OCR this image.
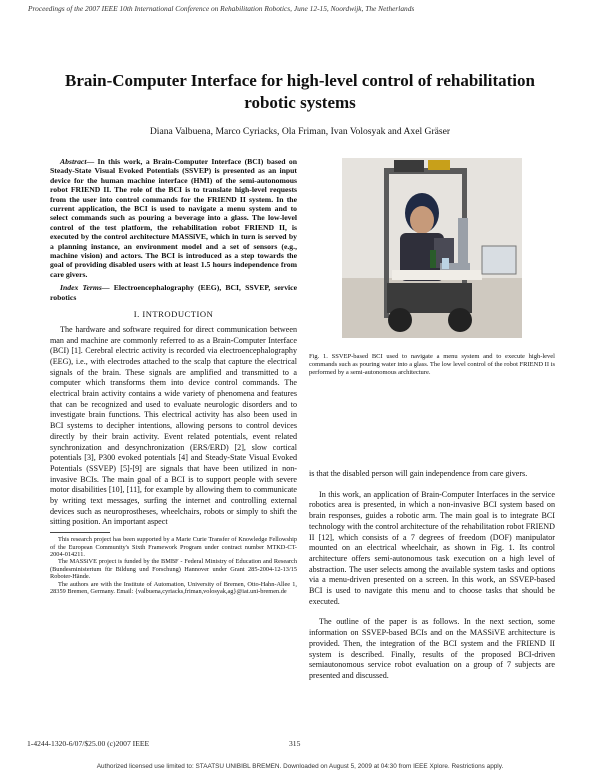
Proceedings of the 2007 IEEE 10th International Conference on Rehabilitation Robotics, June 12-15, Noordwijk, The Netherlands
Brain-Computer Interface for high-level control of rehabilitation
robotic systems
Diana Valbuena, Marco Cyriacks, Ola Friman, Ivan Volosyak and Axel Gräser

Abstract— In this work, a Brain-Computer Interface (BCI) based on Steady-State Visual Evoked Potentials (SSVEP) is presented as an input device for the human machine interface (HMI) of the semi-autonomous robot FRIEND II. The role of the BCI is to translate high-level requests from the user into control commands for the FRIEND II system. In the current application, the BCI is used to navigate a menu system and to select commands such as pouring a beverage into a glass. The low-level control of the test platform, the rehabilitation robot FRIEND II, is executed by the control architecture MASSiVE, which in turn is served by a planning instance, an environment model and a set of sensors (e.g., machine vision) and actors. The BCI is introduced as a step towards the goal of providing disabled users with at least 1.5 hours independence from care givers.

Index Terms— Electroencephalography (EEG), BCI, SSVEP, service robotics

I. INTRODUCTION

The hardware and software required for direct communication between man and machine are commonly referred to as a Brain-Computer Interface (BCI) [1]. Cerebral electric activity is recorded via electroencephalography (EEG), i.e., with electrodes attached to the scalp that capture the electrical signals of the brain. These signals are amplified and transmitted to a computer which transforms them into device control commands. The electrical brain activity contains a wide variety of phenomena and features that can be recognized and used to evaluate neurologic disorders and to investigate brain functions. This electrical activity has also been used in BCI systems to decipher intentions, allowing persons to control devices directly by their brain activity. Event related potentials, event related synchronization and desynchronization (ERS/ERD) [2], slow cortical potentials [3], P300 evoked potentials [4] and Steady-State Visual Evoked Potentials (SSVEP) [5]-[9] are signals that have been utilized in non-invasive BCIs. The main goal of a BCI is to support people with severe motor disabilities [10], [11], for example by allowing them to communicate by writing text messages, surfing the internet and controlling external devices such as neuroprostheses, wheelchairs, robots or simply to shift the sitting position. An important aspect

This research project has been supported by a Marie Curie Transfer of Knowledge Fellowship of the European Community's Sixth Framework Program under contract number MTKD-CT-2004-014211.

The MASSiVE project is funded by the BMBF - Federal Ministry of Education and Research (Bundesministerium für Bildung und Forschung) Hannover under Grant 285-2004-12-13/15 Roboter-Hände.

The authors are with the Institute of Automation, University of Bremen, Otto-Hahn-Allee 1, 28359 Bremen, Germany. Email: {valbuena,cyriacks,friman,volosyak,ag}@iat.uni-bremen.de

Fig. 1. SSVEP-based BCI used to navigate a menu system and to execute high-level commands such as pouring water into a glass. The low level control of the robot FRIEND II is performed by a semi-autonomous architecture.

is that the disabled person will gain independence from care givers.

In this work, an application of Brain-Computer Interfaces in the service robotics area is presented, in which a non-invasive BCI system based on brain responses, guides a robotic arm. The main goal is to integrate BCI technology with the control architecture of the rehabilitation robot FRIEND II [12], which consists of a 7 degrees of freedom (DOF) manipulator mounted on an electrical wheelchair, as shown in Fig. 1. Its control architecture offers semi-autonomous task execution on a high level of abstraction. The user selects among the available system tasks and options via a menu-driven presented on a screen. In this work, an SSVEP-based BCI is used to navigate this menu and to choose tasks that should be executed.

The outline of the paper is as follows. In the next section, some information on SSVEP-based BCIs and on the MASSiVE architecture is provided. Then, the integration of the BCI system and the FRIEND II system is described. Finally, results of the proposed BCI-driven semiautonomous service robot evaluation on a group of 7 subjects are presented and discussed.

1-4244-1320-6/07/$25.00 (c)2007 IEEE	315
Authorized licensed use limited to: STAATSU UNIBIBL BREMEN. Downloaded on August 5, 2009 at 04:30 from IEEE Xplore. Restrictions apply.
